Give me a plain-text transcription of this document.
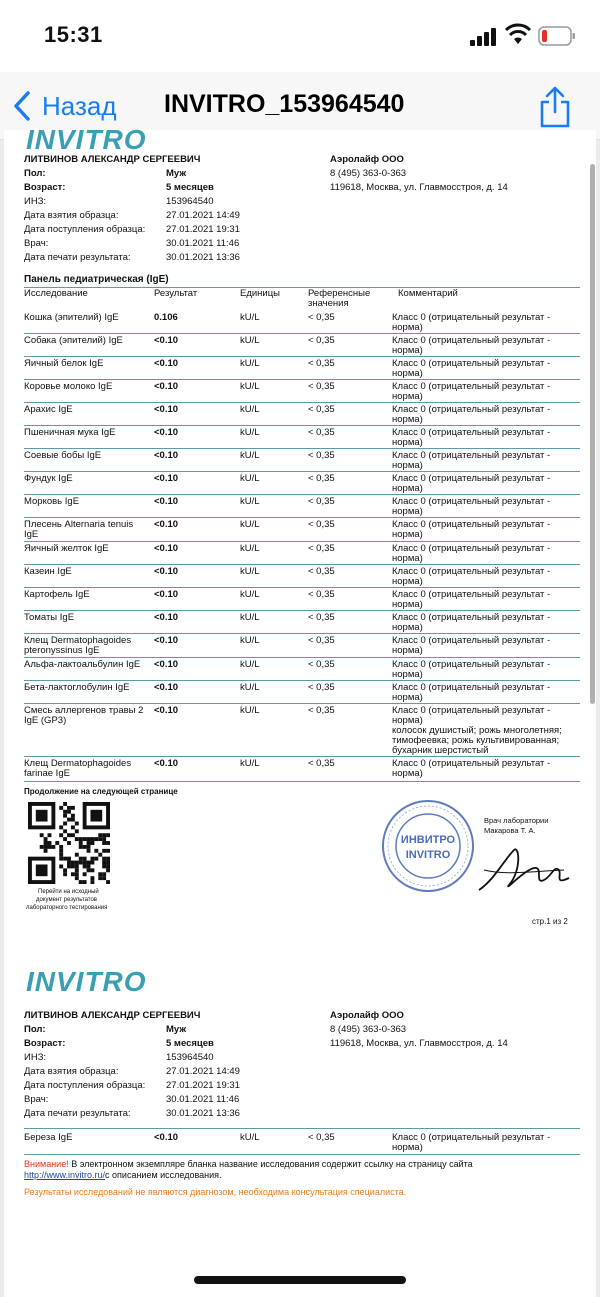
15:31
Назад INVITRO_153964540
INVITRO
ЛИТВИНОВ АЛЕКСАНДР СЕРГЕЕВИЧ
Пол:	Муж
Возраст:	5 месяцев
ИНЗ:	153964540
Дата взятия образца:	27.01.2021 14:49
Дата поступления образца: 27.01.2021 19:31
Врач:	30.01.2021 11:46
Дата печати результата:	30.01.2021 13:36
Аэролайф ООО
8 (495) 363-0-363
119618, Москва, ул. Главмосстроя, д. 14
Панель педиатрическая (IgE)
Исследование	Результат	Единицы	Референсные
значения
Комментарий
Кошка (эпителий) IgE	0.106	kU/L	< 0,35	Класс 0 (отрицательный результат -
норма)
Собака (эпителий) IgE	<0.10	kU/L	< 0,35	Класс 0 (отрицательный результат -
норма)
Яичный белок IgE	<0.10	kU/L	< 0,35	Класс 0 (отрицательный результат -
норма)
Коровье молоко IgE	<0.10	kU/L	< 0,35	Класс 0 (отрицательный результат -
норма)
Арахис IgE	<0.10	kU/L	< 0,35	Класс 0 (отрицательный результат -
норма)
Пшеничная мука IgE	<0.10	kU/L	< 0,35	Класс 0 (отрицательный результат -
норма)
Соевые бобы IgE	<0.10	kU/L	< 0,35	Класс 0 (отрицательный результат -
норма)
Фундук IgE	<0.10	kU/L	< 0,35	Класс 0 (отрицательный результат -
норма)
Морковь IgE	<0.10	kU/L	< 0,35	Класс 0 (отрицательный результат -
норма)
Плесень Alternaria tenuis
IgE
<0.10	kU/L	< 0,35	Класс 0 (отрицательный результат -
норма)
Яичный желток IgE	<0.10	kU/L	< 0,35	Класс 0 (отрицательный результат -
норма)
Казеин IgE	<0.10	kU/L	< 0,35	Класс 0 (отрицательный результат -
норма)
Картофель IgE	<0.10	kU/L	< 0,35	Класс 0 (отрицательный результат -
норма)
Томаты IgE	<0.10	kU/L	< 0,35	Класс 0 (отрицательный результат -
норма)
Клещ Dermatophagoides
pteronyssinus IgE
<0.10	kU/L	< 0,35	Класс 0 (отрицательный результат -
норма)
Альфа-лактоальбулин IgE <0.10	kU/L	< 0,35	Класс 0 (отрицательный результат -
норма)
Бета-лактоглобулин IgE	<0.10	kU/L	< 0,35	Класс 0 (отрицательный результат -
норма)
Смесь аллергенов травы 2
IgE (GP3)
<0.10	kU/L	< 0,35	Класс 0 (отрицательный результат -
норма)
колосок душистый; рожь многолетняя;
тимофеевка; рожь культивированная;
бухарник шерстистый
Клещ Dermatophagoides
farinae IgE
<0.10	kU/L	< 0,35	Класс 0 (отрицательный результат -
норма)
Продолжение на следующей странице
Перейти на исходный
документ результатов
лабораторного тестирования
ИНВИТРО
INVITRO
Врач лаборатории
Макарова Т. А.
стр.1 из 2
INVITRO
ЛИТВИНОВ АЛЕКСАНДР СЕРГЕЕВИЧ
Пол:	Муж
Возраст:	5 месяцев
ИНЗ:	153964540
Дата взятия образца:	27.01.2021 14:49
Дата поступления образца: 27.01.2021 19:31
Врач:	30.01.2021 11:46
Дата печати результата:	30.01.2021 13:36
Аэролайф ООО
8 (495) 363-0-363
119618, Москва, ул. Главмосстроя, д. 14
Береза IgE	<0.10	kU/L	< 0,35	Класс 0 (отрицательный результат -
норма)
Внимание! В электронном экземпляре бланка название исследования содержит ссылку на страницу сайта
http://www.invitro.ru/с описанием исследования.
Результаты исследований не являются диагнозом, необходима консультация специалиста.
